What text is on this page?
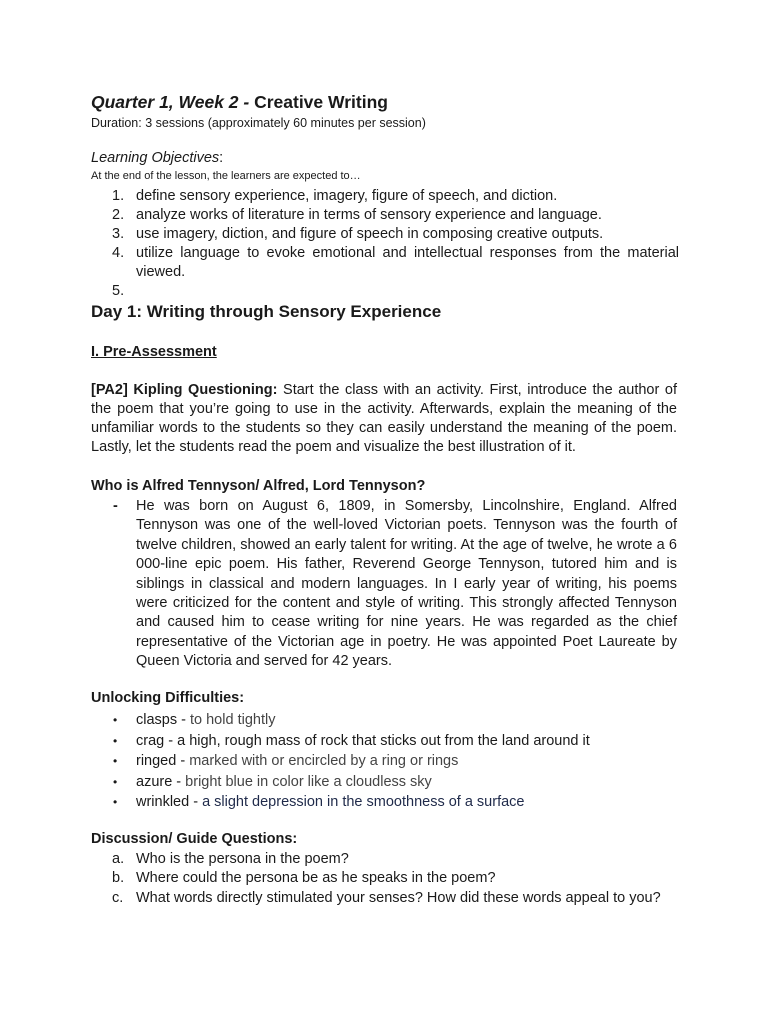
Quarter 1, Week 2 - Creative Writing
Duration: 3 sessions (approximately 60 minutes per session)
Learning Objectives:
At the end of the lesson, the learners are expected to…
1. define sensory experience, imagery, figure of speech, and diction.
2. analyze works of literature in terms of sensory experience and language.
3. use imagery, diction, and figure of speech in composing creative outputs.
4. utilize language to evoke emotional and intellectual responses from the material viewed.
5.

Day 1: Writing through Sensory Experience
I. Pre-Assessment

[PA2] Kipling Questioning: Start the class with an activity. First, introduce the author of the poem that you’re going to use in the activity. Afterwards, explain the meaning of the unfamiliar words to the students so they can easily understand the meaning of the poem. Lastly, let the students read the poem and visualize the best illustration of it.

Who is Alfred Tennyson/ Alfred, Lord Tennyson?
- He was born on August 6, 1809, in Somersby, Lincolnshire, England. Alfred Tennyson was one of the well-loved Victorian poets. Tennyson was the fourth of twelve children, showed an early talent for writing. At the age of twelve, he wrote a 6 000-line epic poem. His father, Reverend George Tennyson, tutored him and is siblings in classical and modern languages. In I early year of writing, his poems were criticized for the content and style of writing. This strongly affected Tennyson and caused him to cease writing for nine years. He was regarded as the chief representative of the Victorian age in poetry. He was appointed Poet Laureate by Queen Victoria and served for 42 years.
Unlocking Difficulties:
• clasps - to hold tightly
• crag - a high, rough mass of rock that sticks out from the land around it
• ringed - marked with or encircled by a ring or rings
• azure - bright blue in color like a cloudless sky
• wrinkled - a slight depression in the smoothness of a surface
Discussion/ Guide Questions:
a. Who is the persona in the poem?
b. Where could the persona be as he speaks in the poem?
c. What words directly stimulated your senses? How did these words appeal to you?
